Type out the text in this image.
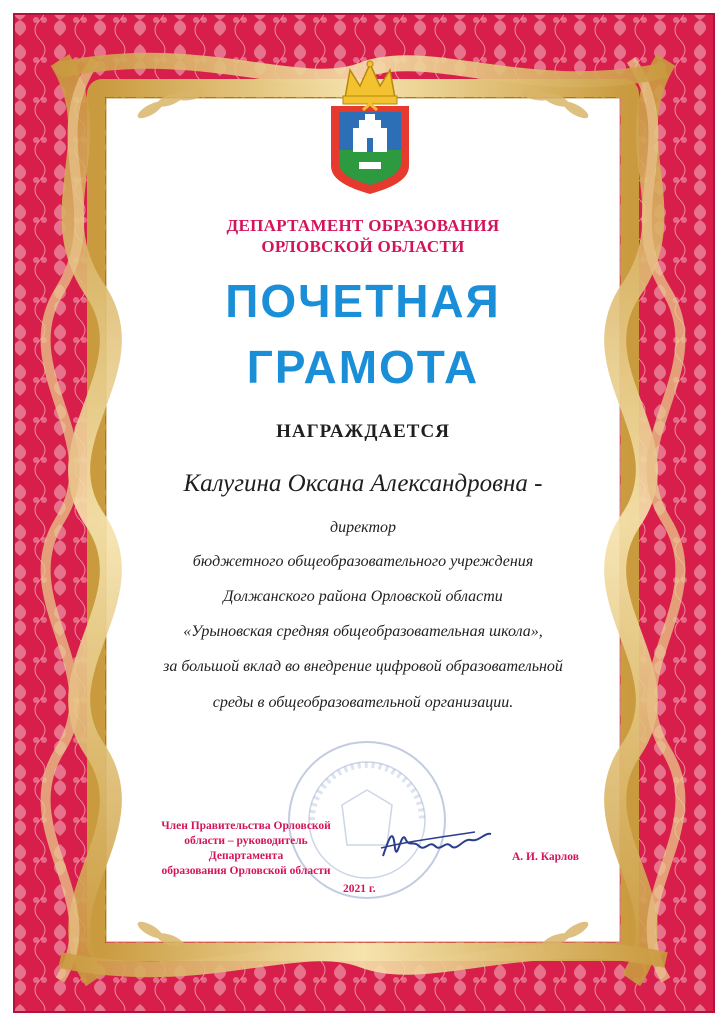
ДЕПАРТАМЕНТ ОБРАЗОВАНИЯ
ОРЛОВСКОЙ ОБЛАСТИ
ПОЧЕТНАЯ
ГРАМОТА
НАГРАЖДАЕТСЯ
Калугина Оксана Александровна -
директор
бюджетного общеобразовательного учреждения
Должанского района Орловской области
«Урыновская средняя общеобразовательная школа»,
за большой вклад во внедрение цифровой образовательной
среды в общеобразовательной организации.
Член Правительства Орловской
области – руководитель Департамента
образования Орловской области
А. И. Карлов
2021 г.
